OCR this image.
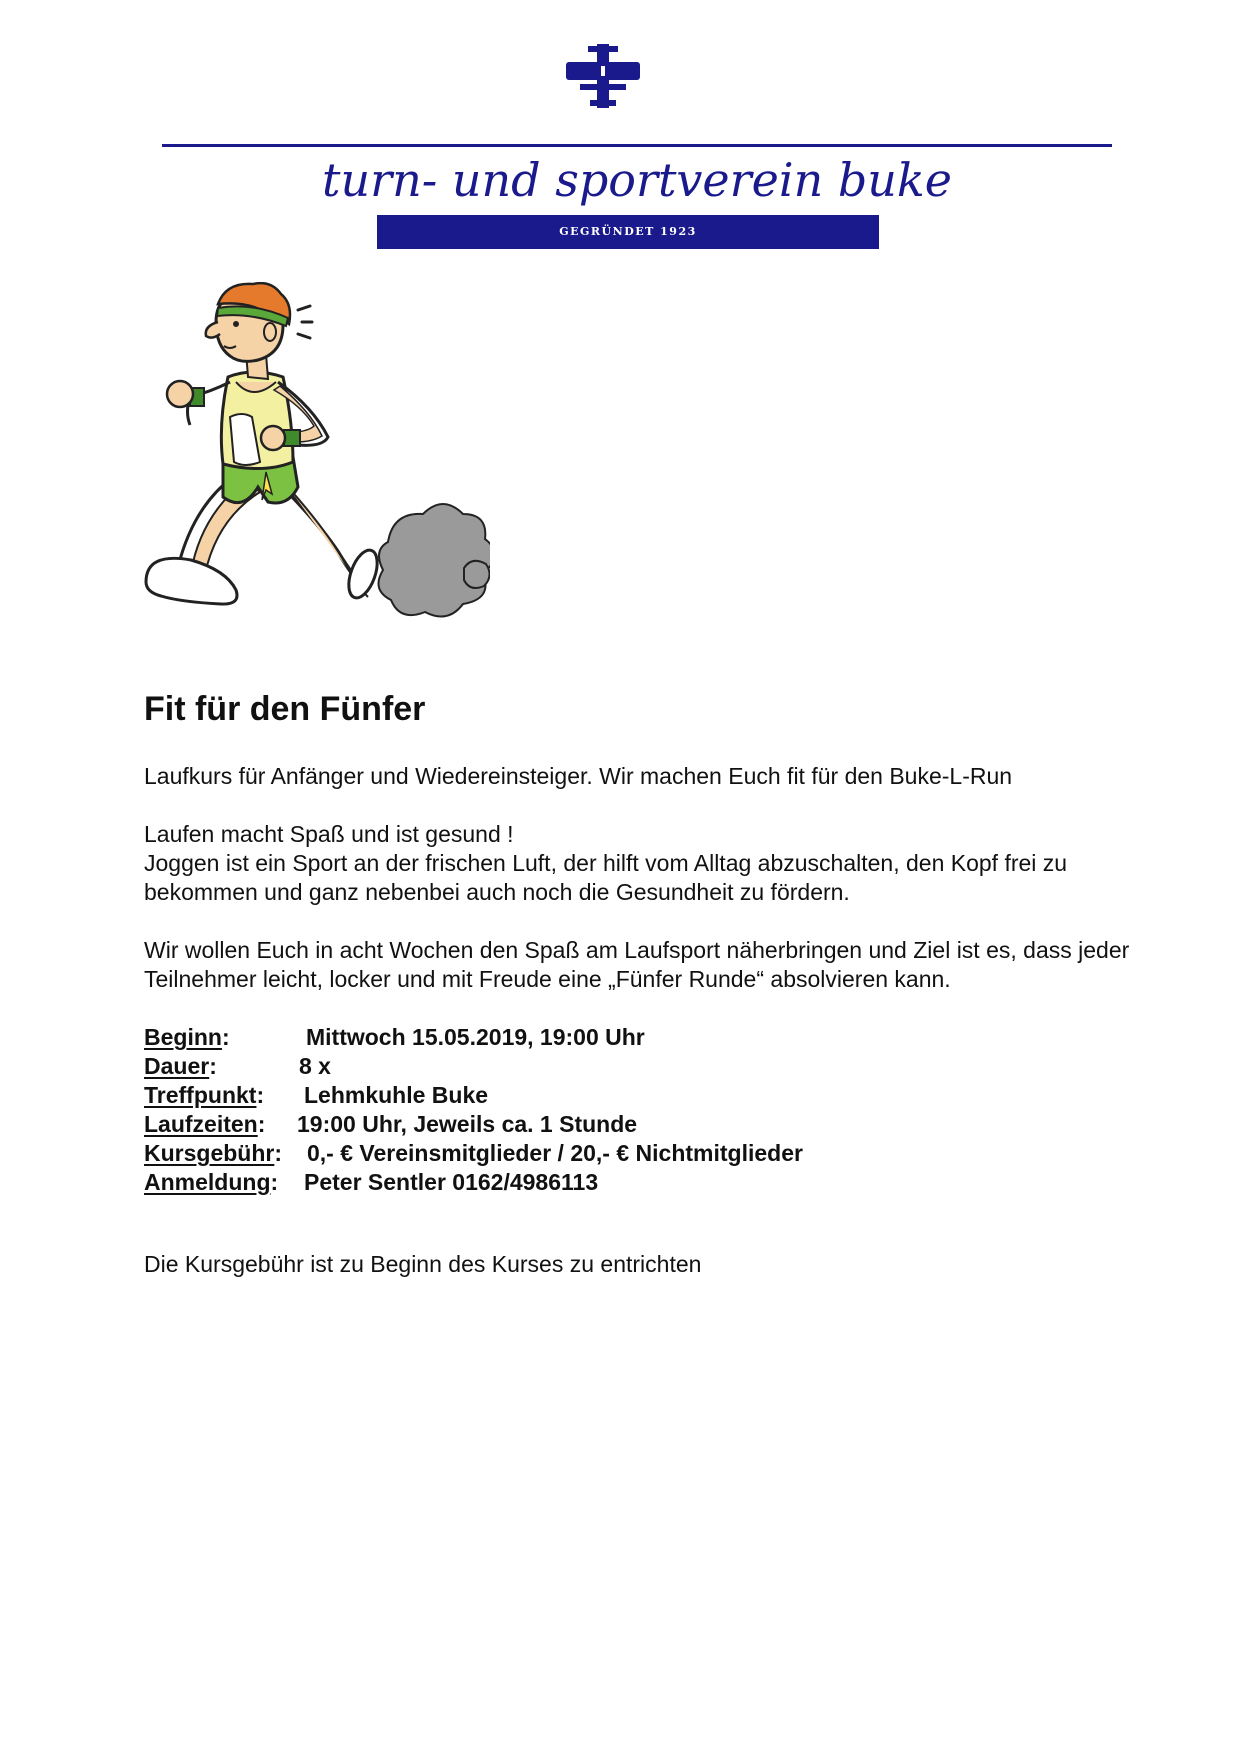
turn- und sportverein buke
GEGRÜNDET 1923
Fit für den Fünfer

Laufkurs für Anfänger und Wiedereinsteiger. Wir machen Euch fit für den Buke-L-Run

Laufen macht Spaß und ist gesund !
Joggen ist ein Sport an der frischen Luft, der hilft vom Alltag abzuschalten, den Kopf frei zu bekommen und ganz nebenbei auch noch die Gesundheit zu fördern.

Wir wollen Euch in acht Wochen den Spaß am Laufsport näherbringen und Ziel ist es, dass jeder Teilnehmer leicht, locker und mit Freude eine „Fünfer Runde“ absolvieren kann.

Beginn:	Mittwoch 15.05.2019, 19:00 Uhr
Dauer:	8 x
Treffpunkt: Lehmkuhle Buke
Laufzeiten: 19:00 Uhr, Jeweils ca. 1 Stunde
Kursgebühr: 0,- € Vereinsmitglieder / 20,- € Nichtmitglieder
Anmeldung: Peter Sentler 0162/4986113
Die Kursgebühr ist zu Beginn des Kurses zu entrichten
